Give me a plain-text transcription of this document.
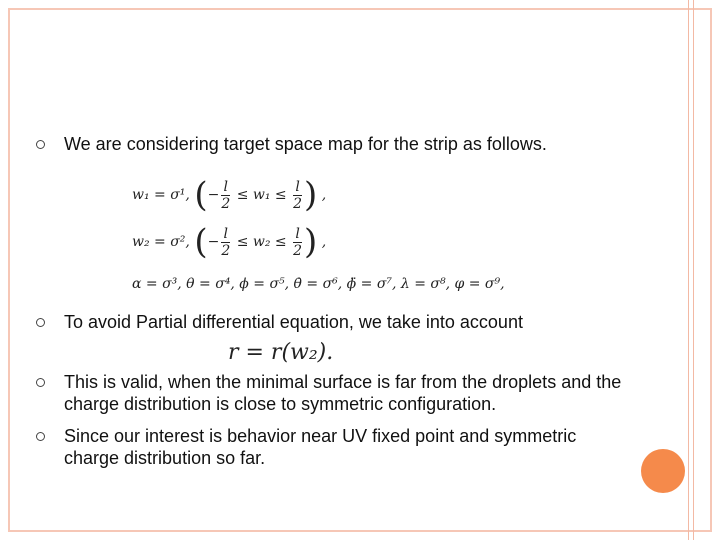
We are considering target space map for the strip as follows.
w₁ = σ¹, (− $\frac{l}{2} \le w_1 \le \frac{l}{2}$ ) ,
w₂ = σ², (− $\frac{l}{2} \le w_2 \le \frac{l}{2}$ ) ,
α = σ³, θ = σ⁴, ϕ = σ⁵, θ̇ = σ⁶, ϕ̈ = σ⁷, λ = σ⁸, φ = σ⁹,
To avoid Partial differential equation, we take into account
r = r(w₂).
This is valid, when the minimal surface is far from the droplets and the charge distribution is close to symmetric configuration.
Since our interest is behavior near UV fixed point and symmetric charge distribution so far.
